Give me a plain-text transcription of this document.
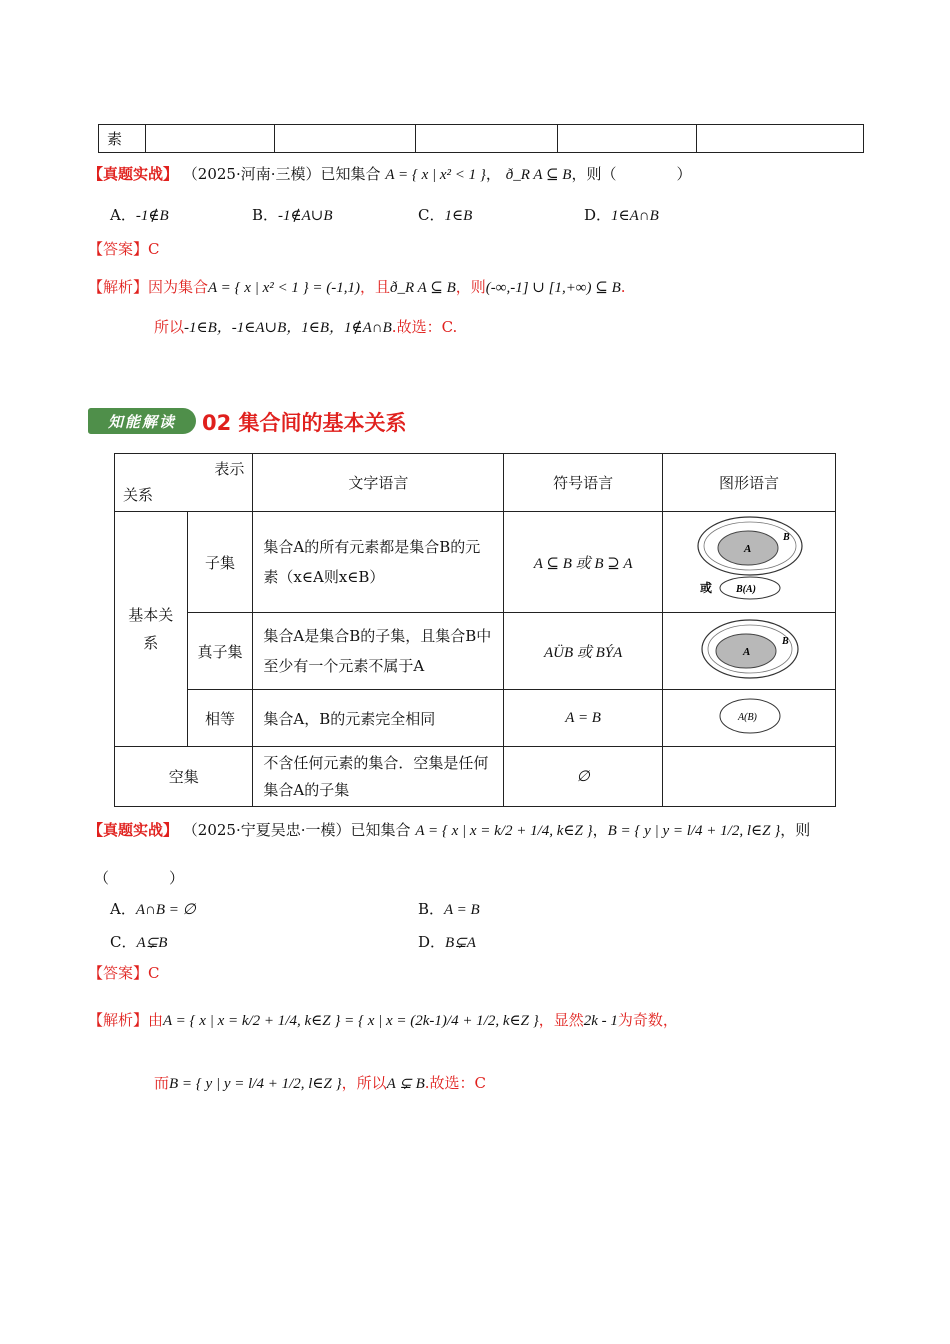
素					
【真题实战】 （2025·河南·三模）已知集合 A = { x | x² < 1 }， ð_R A ⊆ B，则（　　　　）
A．-1∉B	B．-1∉A∪B	C．1∈B	D．1∈A∩B
【答案】C
【解析】因为集合A = { x | x² < 1 } = (-1,1)，且ð_R A ⊆ B，则(-∞,-1] ∪ [1,+∞) ⊆ B.
所以-1∈B，-1∈A∪B，1∈B，1∉A∩B.故选：C.
知能解读	02 集合间的基本关系
表示
关系		文字语言	符号语言	图形语言
基本关系	子集	集合A的所有元素都是集合B的元素（x∈A则x∈B）	A ⊆ B 或 B ⊇ A	A
B
或 B(A)

	真子集	集合A是集合B的子集，且集合B中至少有一个元素不属于A	AÜB 或 BÝA	A
B

	相等	集合A，B的元素完全相同	A = B	A(B)

空集		不含任何元素的集合．空集是任何集合A的子集	∅	
【真题实战】 （2025·宁夏吴忠·一模）已知集合 A = { x | x = k/2 + 1/4, k∈Z }，B = { y | y = l/4 + 1/2, l∈Z }，则
（　　　　）
A．A∩B = ∅	B．A = B
C．A⊊B	D．B⊊A
【答案】C
【解析】由A = { x | x = k/2 + 1/4, k∈Z } = { x | x = (2k-1)/4 + 1/2, k∈Z }，显然2k - 1为奇数，
而B = { y | y = l/4 + 1/2, l∈Z }，所以A ⊊ B.故选：C
